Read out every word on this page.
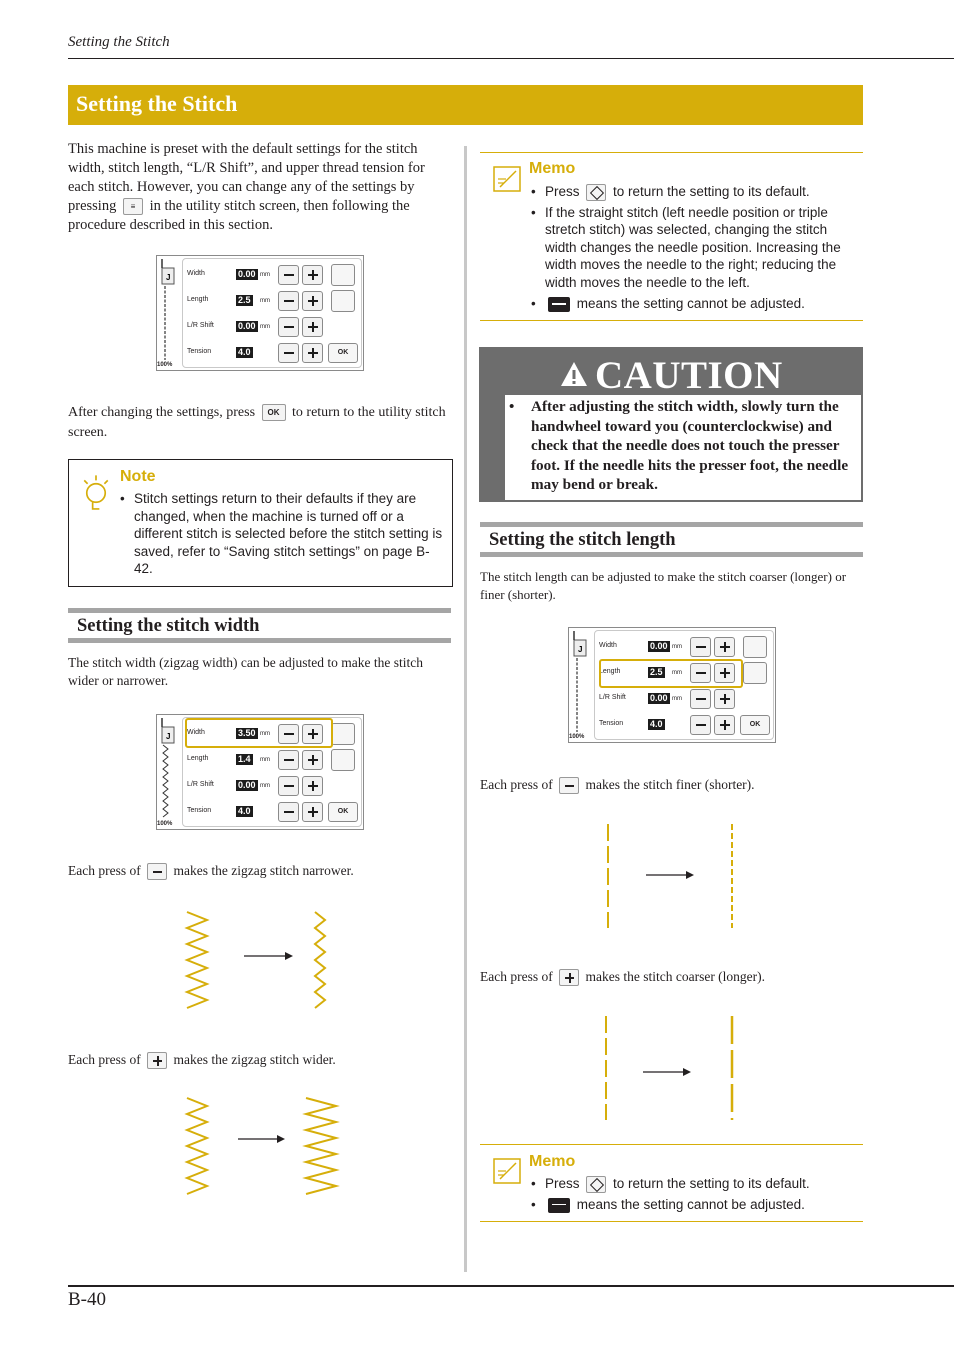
Setting the Stitch
Setting the Stitch
This machine is preset with the default settings for the stitch width, stitch length, “L/R Shift”, and upper thread tension for each stitch. However, you can change any of the settings by pressing ≡ in the utility stitch screen, then following the procedure described in this section.
J
100%
Width	0.00 mm
Length	2.5	mm
L/R Shift	0.00 mm
Tension	4.0	OK
After changing the settings, press OK to return to the utility stitch screen.
Note
• Stitch settings return to their defaults if they are changed, when the machine is turned off or a different stitch is selected before the stitch setting is saved, refer to “Saving stitch settings” on page B-42.
Setting the stitch width
The stitch width (zigzag width) can be adjusted to make the stitch wider or narrower.
J
100%
Width	3.50 mm
Length	1.4	mm
L/R Shift	0.00 mm
Tension	4.0	OK
Each press of makes the zigzag stitch narrower.
Each press of makes the zigzag stitch wider.
Memo
• Press to return the setting to its default.
• If the straight stitch (left needle position or triple stretch stitch) was selected, changing the stitch width changes the needle position. Increasing the width moves the needle to the right; reducing the width moves the needle to the left.
• means the setting cannot be adjusted.
CAUTION
• After adjusting the stitch width, slowly turn the handwheel toward you (counterclockwise) and check that the needle does not touch the presser foot. If the needle hits the presser foot, the needle may bend or break.
Setting the stitch length
The stitch length can be adjusted to make the stitch coarser (longer) or finer (shorter).
J
100%
Width	0.00 mm
Length	2.5	mm
L/R Shift	0.00 mm
Tension	4.0	OK
Each press of makes the stitch finer (shorter).
Each press of makes the stitch coarser (longer).
Memo
• Press to return the setting to its default.
• means the setting cannot be adjusted.
B-40
